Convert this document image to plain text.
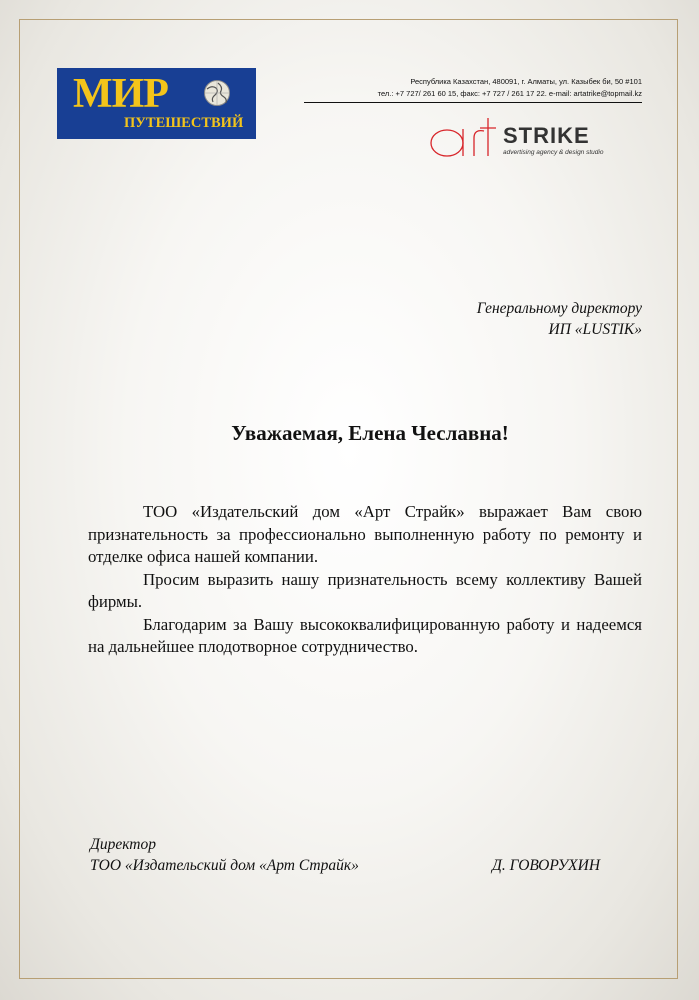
МИР
ПУТЕШЕСТВИЙ
Республика Казахстан, 480091, г. Алматы, ул. Казыбек би, 50 #101
тел.: +7 727/ 261 60 15, факс: +7 727 / 261 17 22. e-mail: artatrike@topmail.kz
STRIKE
advertising agency & design studio
Генеральному директору
ИП «LUSTIK»
Уважаемая, Елена Чеславна!

ТОО «Издательский дом «Арт Страйк» выражает Вам свою признательность за профессионально выполненную работу по ремонту и отделке офиса нашей компании.

Просим выразить нашу признательность всему коллективу Вашей фирмы.

Благодарим за Вашу высококвалифицированную работу и надеемся на дальнейшее плодотворное сотрудничество.

Директор
ТОО «Издательский дом «Арт Страйк»	Д. ГОВОРУХИН
